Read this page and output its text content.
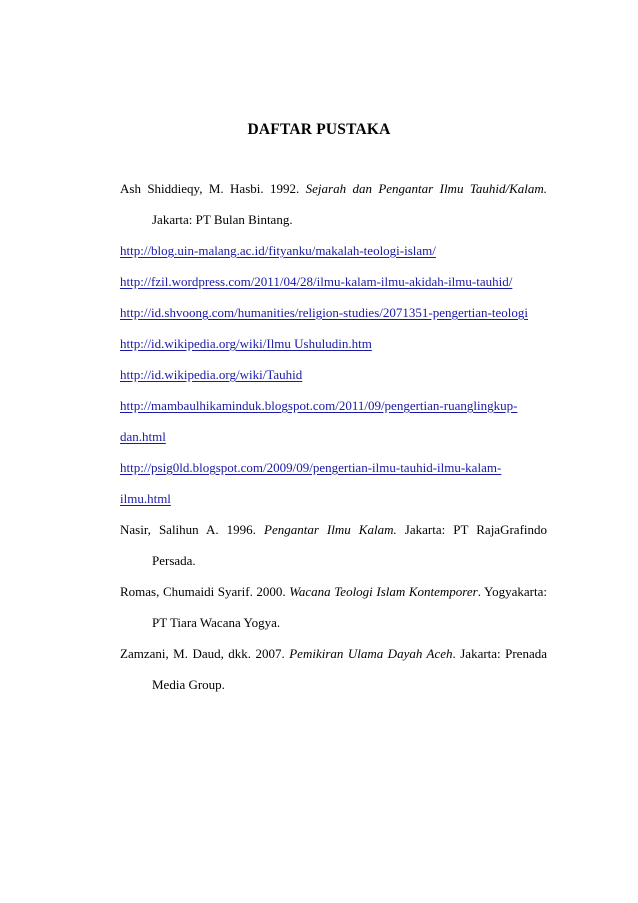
DAFTAR PUSTAKA
Ash Shiddieqy, M. Hasbi. 1992. Sejarah dan Pengantar Ilmu Tauhid/Kalam.
Jakarta: PT Bulan Bintang.
http://blog.uin-malang.ac.id/fityanku/makalah-teologi-islam/
http://fzil.wordpress.com/2011/04/28/ilmu-kalam-ilmu-akidah-ilmu-tauhid/
http://id.shvoong.com/humanities/religion-studies/2071351-pengertian-teologi
http://id.wikipedia.org/wiki/Ilmu Ushuludin.htm
http://id.wikipedia.org/wiki/Tauhid
http://mambaulhikaminduk.blogspot.com/2011/09/pengertian-ruanglingkup-
dan.html
http://psig0ld.blogspot.com/2009/09/pengertian-ilmu-tauhid-ilmu-kalam-
ilmu.html
Nasir, Salihun A. 1996. Pengantar Ilmu Kalam. Jakarta: PT RajaGrafindo
Persada.
Romas, Chumaidi Syarif. 2000. Wacana Teologi Islam Kontemporer. Yogyakarta:
PT Tiara Wacana Yogya.
Zamzani, M. Daud, dkk. 2007. Pemikiran Ulama Dayah Aceh. Jakarta: Prenada
Media Group.
